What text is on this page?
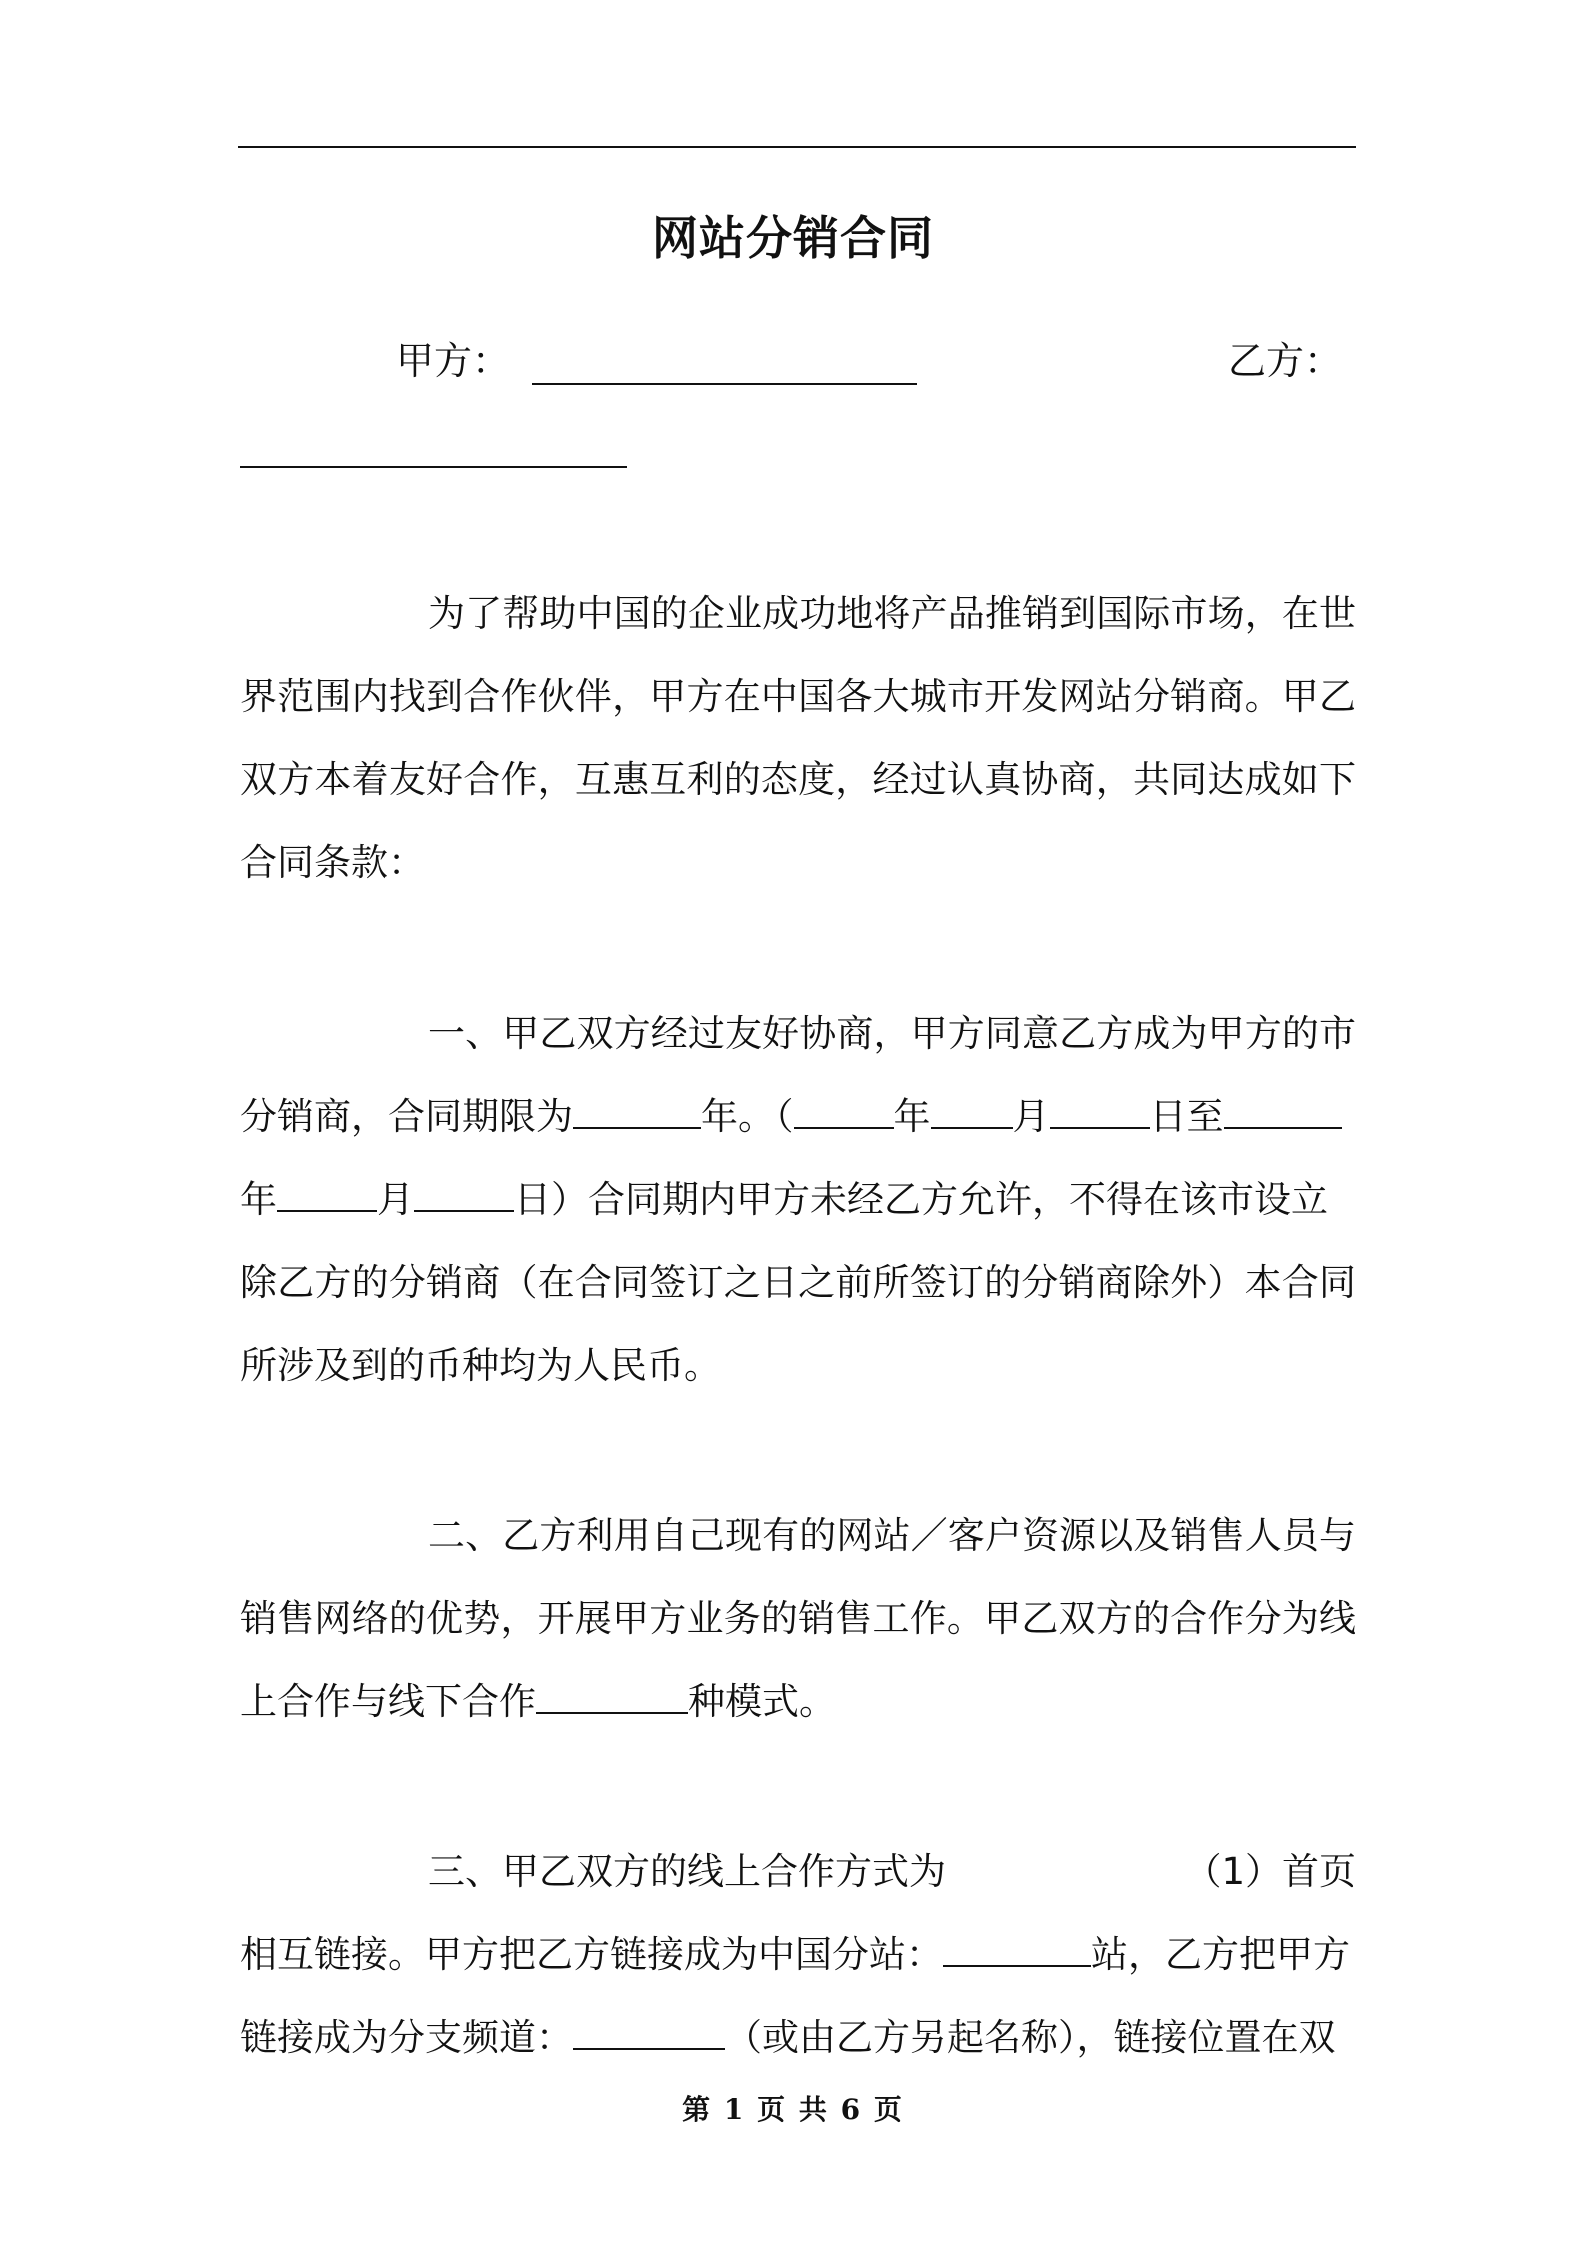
网站分销合同
甲方：	乙方：
为了帮助中国的企业成功地将产品推销到国际市场，在世
界范围内找到合作伙伴，甲方在中国各大城市开发网站分销商。甲乙
双方本着友好合作，互惠互利的态度，经过认真协商，共同达成如下
合同条款：
一、甲乙双方经过友好协商，甲方同意乙方成为甲方的市
分销商，合同期限为	年。（	年 月	日至
年	月	日）合同期内甲方未经乙方允许，不得在该市设立
除乙方的分销商（在合同签订之日之前所签订的分销商除外）本合同
所涉及到的币种均为人民币。
二、乙方利用自己现有的网站／客户资源以及销售人员与
销售网络的优势，开展甲方业务的销售工作。甲乙双方的合作分为线
上合作与线下合作	种模式。
三、甲乙双方的线上合作方式为	（1）首页
相互链接。甲方把乙方链接成为中国分站：	站，乙方把甲方
链接成为分支频道：	（或由乙方另起名称），链接位置在双
第 1 页 共 6 页
